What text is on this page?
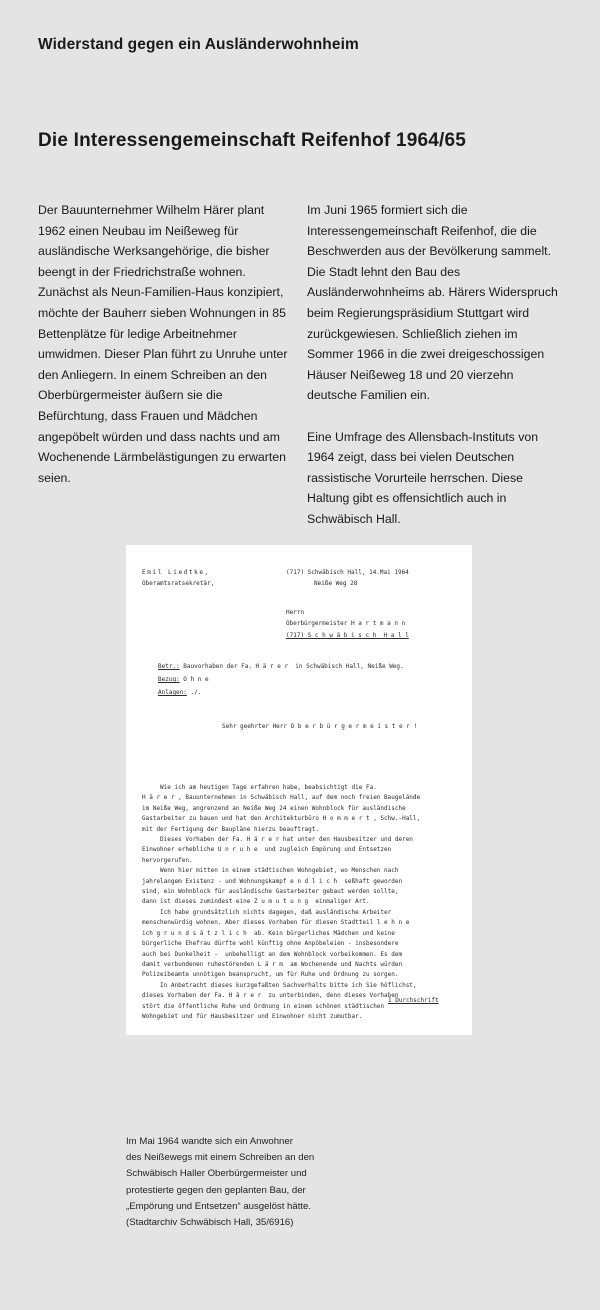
Widerstand gegen ein Ausländerwohnheim
Die Interessengemeinschaft Reifenhof 1964/65

Der Bauunternehmer Wilhelm Härer plant 1962 einen Neubau im Neißeweg für ausländische Werksangehörige, die bisher beengt in der Friedrichstraße wohnen. Zunächst als Neun-Familien-Haus konzipiert, möchte der Bauherr sieben Wohnungen in 85 Bettenplätze für ledige Arbeitnehmer umwidmen. Dieser Plan führt zu Unruhe unter den Anliegern. In einem Schreiben an den Oberbürgermeister äußern sie die Befürchtung, dass Frauen und Mädchen angepöbelt würden und dass nachts und am Wochenende Lärmbelästigungen zu erwarten seien.

Im Juni 1965 formiert sich die Interessengemeinschaft Reifenhof, die die Beschwerden aus der Bevölkerung sammelt. Die Stadt lehnt den Bau des Ausländerwohnheims ab. Härers Widerspruch beim Regierungspräsidium Stuttgart wird zurückgewiesen. Schließlich ziehen im Sommer 1966 in die zwei dreigeschossigen Häuser Neißeweg 18 und 20 vierzehn deutsche Familien ein.

Eine Umfrage des Allensbach-Instituts von 1964 zeigt, dass bei vielen Deutschen rassistische Vorurteile herrschen. Diese Haltung gibt es offensichtlich auch in Schwäbisch Hall.

Emil Liedtke,
Oberamtsratsekretär,
(717) Schwäbisch Hall, 14.Mai 1964
Neiße Weg 28
Herrn
Oberbürgermeister H a r t m a n n
(717) S c h w ä b i s c h  H a l l
Betr.: Bauvorhaben der Fa. H ä r e r  in Schwäbisch Hall, Neiße Weg.
Bezug: O h n e
Anlagen: ./.
Sehr geehrter Herr O b e r b ü r g e r m e i s t e r !
Wie ich am heutigen Tage erfahren habe, beabsichtigt die Fa.
H ä r e r , Bauunternehmen in Schwäbisch Hall, auf dem noch freien Baugelände
im Neiße Weg, angrenzend an Neiße Weg 24 einen Wohnblock für ausländische
Gastarbeiter zu bauen und hat den Architekturbüro H o m m e r t , Schw.-Hall,
mit der Fertigung der Baupläne hierzu beauftragt.
Dieses Vorhaben der Fa. H ä r e r hat unter den Hausbesitzer und deren
Einwohner erhebliche U n r u h e  und zugleich Empörung und Entsetzen
hervorgerufen.
Wenn hier mitten in einem städtischen Wohngebiet, wo Menschen nach
jahrelangem Existenz - und Wohnungskampf e n d l i c h  seßhaft geworden
sind, ein Wohnblock für ausländische Gastarbeiter gebaut werden sollte,
dann ist dieses zumindest eine Z u m u t u n g  einmaliger Art.
Ich habe grundsätzlich nichts dagegen, daß ausländische Arbeiter
menschenwürdig wohnen. Aber dieses Vorhaben für diesen Stadtteil l e h n e
ich g r u n d s ä t z l i c h  ab. Kein bürgerliches Mädchen und keine
bürgerliche Ehefrau dürfte wohl künftig ohne Anpöbeleien - insbesondere
auch bei Dunkelheit -  unbehelligt an dem Wohnblock vorbeikommen. Es dem
damit verbundenen ruhestörenden L ä r m  am Wochenende und Nachts würden
Polizeibeamte unnötigen beansprucht, um für Ruhe und Ordnung zu sorgen.
In Anbetracht dieses kurzgefaßten Sachverhalts bitte ich Sie höflichst,
dieses Vorhaben der Fa. H ä r e r  zu unterbinden, denn dieses Vorhaben
stört die öffentliche Ruhe und Ordnung in einem schönen städtischen
Wohngebiet und für Hausbesitzer und Einwohner nicht zumutbar.
1 Durchschrift
Im Mai 1964 wandte sich ein Anwohner
des Neißewegs mit einem Schreiben an den
Schwäbisch Haller Oberbürgermeister und
protestierte gegen den geplanten Bau, der
„Empörung und Entsetzen“ ausgelöst hätte.
(Stadtarchiv Schwäbisch Hall, 35/6916)
